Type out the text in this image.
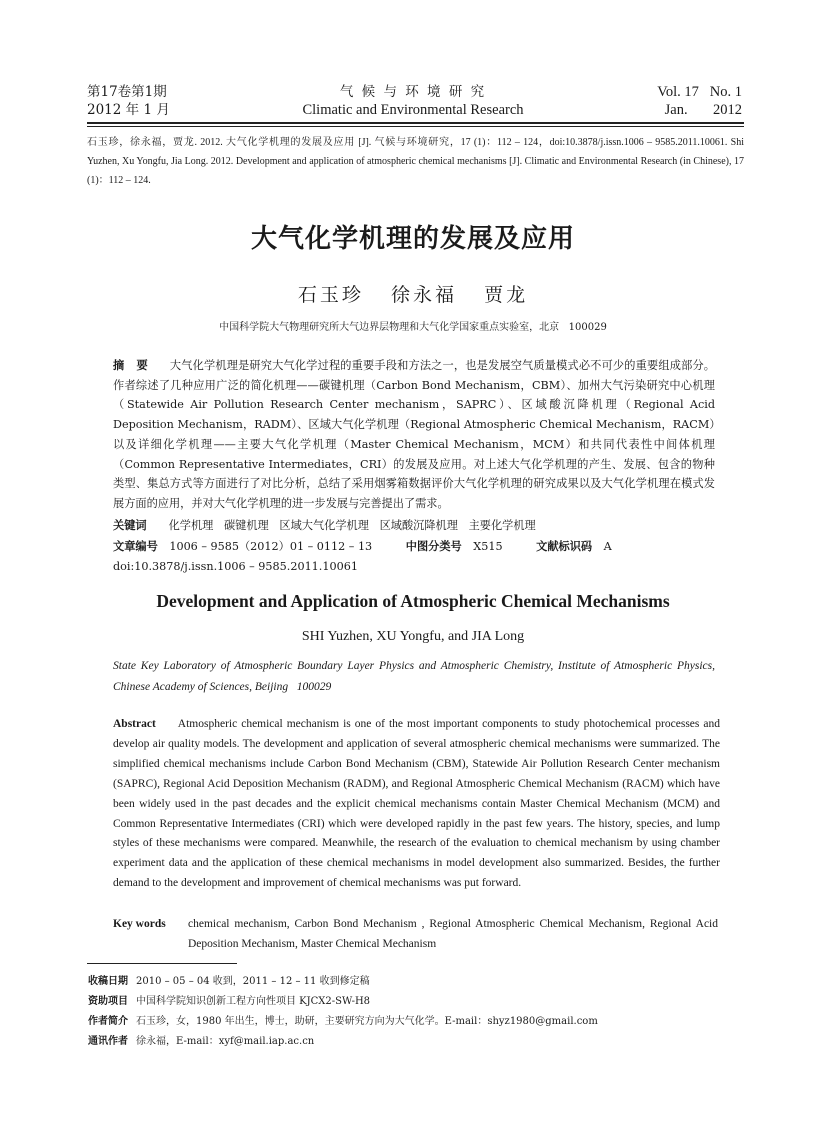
第17卷第1期
2012 年 1 月
气 候 与 环 境 研 究
Climatic and Environmental Research
Vol. 17   No. 1
Jan.       2012
石玉珍，徐永福，贾龙. 2012. 大气化学机理的发展及应用 [J]. 气候与环境研究，17 (1)：112 – 124，doi:10.3878/j.issn.1006 – 9585.2011.10061. Shi Yuzhen, Xu Yongfu, Jia Long. 2012. Development and application of atmospheric chemical mechanisms [J]. Climatic and Environmental Research (in Chinese), 17 (1)：112 – 124.
大气化学机理的发展及应用
石玉珍   徐永福   贾龙
中国科学院大气物理研究所大气边界层物理和大气化学国家重点实验室，北京   100029
摘   要 大气化学机理是研究大气化学过程的重要手段和方法之一，也是发展空气质量模式必不可少的重要组成部分。作者综述了几种应用广泛的简化机理——碳键机理（Carbon Bond Mechanism，CBM）、加州大气污染研究中心机理（Statewide Air Pollution Research Center mechanism，SAPRC）、区域酸沉降机理（Regional Acid Deposition Mechanism，RADM）、区域大气化学机理（Regional Atmospheric Chemical Mechanism，RACM）以及详细化学机理——主要大气化学机理（Master Chemical Mechanism，MCM）和共同代表性中间体机理（Common Representative Intermediates，CRI）的发展及应用。对上述大气化学机理的产生、发展、包含的物种类型、集总方式等方面进行了对比分析，总结了采用烟雾箱数据评价大气化学机理的研究成果以及大气化学机理在模式发展方面的应用，并对大气化学机理的进一步发展与完善提出了需求。
关键词 化学机理   碳键机理   区域大气化学机理   区域酸沉降机理   主要化学机理
文章编号 1006 – 9585（2012）01 – 0112 – 13	中图分类号 X515	文献标识码 A
doi:10.3878/j.issn.1006 – 9585.2011.10061
Development and Application of Atmospheric Chemical Mechanisms
SHI Yuzhen, XU Yongfu, and JIA Long
State Key Laboratory of Atmospheric Boundary Layer Physics and Atmospheric Chemistry, Institute of Atmospheric Physics, Chinese Academy of Sciences, Beijing   100029
Abstract Atmospheric chemical mechanism is one of the most important components to study photochemical processes and develop air quality models. The development and application of several atmospheric chemical mechanisms were summarized. The simplified chemical mechanisms include Carbon Bond Mechanism (CBM), Statewide Air Pollution Research Center mechanism (SAPRC), Regional Acid Deposition Mechanism (RADM), and Regional Atmospheric Chemical Mechanism (RACM) which have been widely used in the past decades and the explicit chemical mechanisms contain Master Chemical Mechanism (MCM) and Common Representative Intermediates (CRI) which were developed rapidly in the past few years. The history, species, and lump styles of these mechanisms were compared. Meanwhile, the research of the evaluation to chemical mechanism by using chamber experiment data and the application of these chemical mechanisms in model development also summarized. Besides, the further demand to the development and improvement of chemical mechanisms was put forward.
Key words chemical mechanism, Carbon Bond Mechanism , Regional Atmospheric Chemical Mechanism, Regional Acid Deposition Mechanism, Master Chemical Mechanism
收稿日期 2010 – 05 – 04 收到，2011 – 12 – 11 收到修定稿
资助项目 中国科学院知识创新工程方向性项目 KJCX2-SW-H8
作者简介 石玉珍，女，1980 年出生，博士，助研，主要研究方向为大气化学。E-mail：shyz1980@gmail.com
通讯作者 徐永福，E-mail：xyf@mail.iap.ac.cn
